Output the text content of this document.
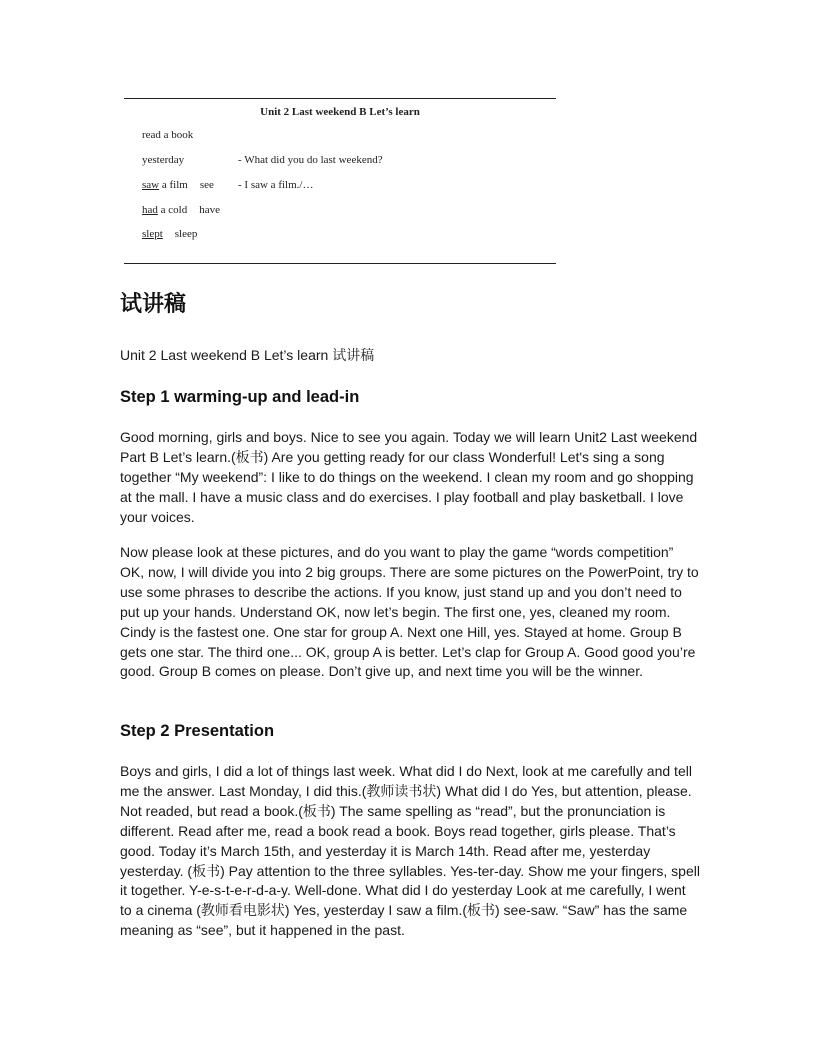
Unit 2 Last weekend B Let’s learn
read a book
yesterday	- What did you do last weekend?
saw a film see - I saw a film./…
had a cold have
slept sleep
试讲稿

Unit 2 Last weekend B Let’s learn 试讲稿

Step 1 warming-up and lead-in

Good morning, girls and boys. Nice to see you again. Today we will learn Unit2 Last weekend Part B Let’s learn.(板书) Are you getting ready for our class Wonderful! Let's sing a song together “My weekend”: I like to do things on the weekend. I clean my room and go shopping at the mall. I have a music class and do exercises. I play football and play basketball. I love your voices.

Now please look at these pictures, and do you want to play the game “words competition” OK, now, I will divide you into 2 big groups. There are some pictures on the PowerPoint, try to use some phrases to describe the actions. If you know, just stand up and you don’t need to put up your hands. Understand OK, now let’s begin. The first one, yes, cleaned my room. Cindy is the fastest one. One star for group A. Next one Hill, yes. Stayed at home. Group B gets one star. The third one... OK, group A is better. Let’s clap for Group A. Good good you’re good. Group B comes on please. Don’t give up, and next time you will be the winner.

Step 2 Presentation

Boys and girls, I did a lot of things last week. What did I do Next, look at me carefully and tell me the answer. Last Monday, I did this.(教师读书状) What did I do Yes, but attention, please. Not readed, but read a book.(板书) The same spelling as “read”, but the pronunciation is different. Read after me, read a book read a book. Boys read together, girls please. That’s good. Today it’s March 15th, and yesterday it is March 14th. Read after me, yesterday yesterday. (板书) Pay attention to the three syllables. Yes-ter-day. Show me your fingers, spell it together. Y-e-s-t-e-r-d-a-y. Well-done. What did I do yesterday Look at me carefully, I went to a cinema (教师看电影状) Yes, yesterday I saw a film.(板书) see-saw. “Saw” has the same meaning as “see”, but it happened in the past.
